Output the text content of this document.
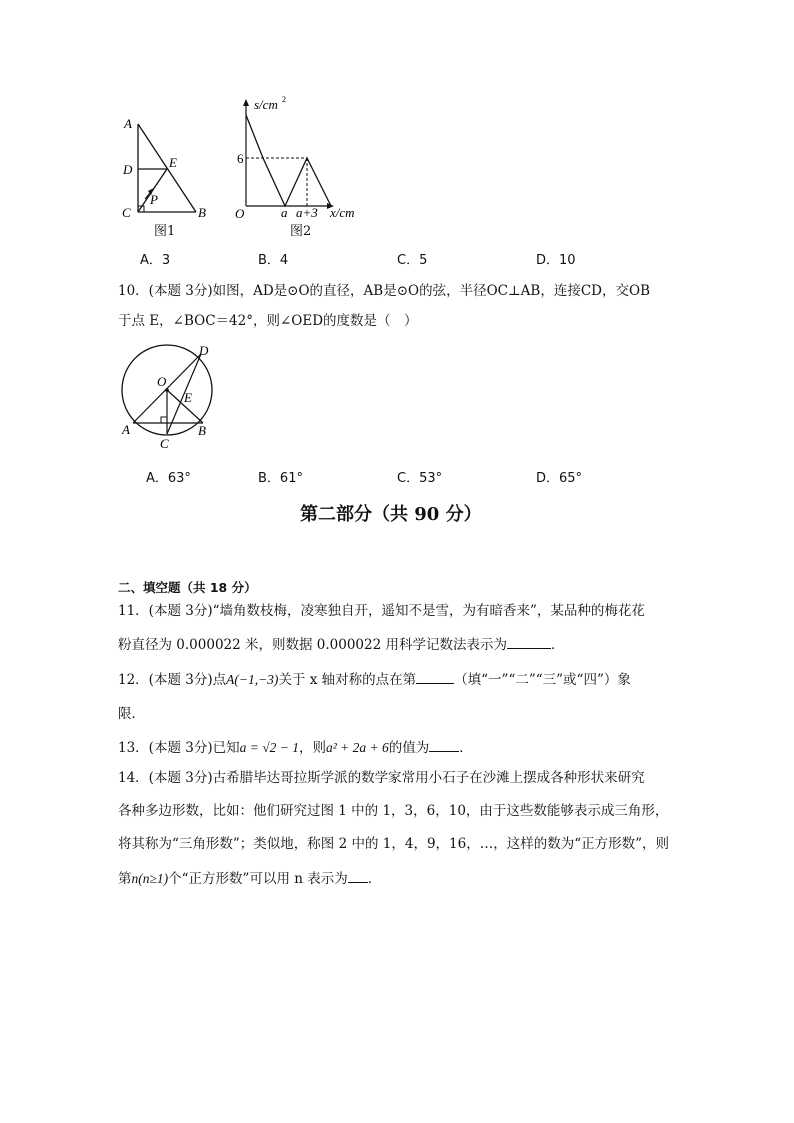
A
D	E
P
C	B
图1
s/cm 2
6
O	a a+3 x/cm
图2
A．3	B．4	C．5	D．10
10．(本题 3分)如图，AD是⊙O的直径，AB是⊙O的弦，半径OC⊥AB，连接CD，交OB
于点 E，∠BOC＝42°，则∠OED的度数是（　）
D
O
E
A
C
B
A．63°	B．61°	C．53°	D．65°
第二部分（共 90 分）
二、填空题（共 18 分）
11．(本题 3分)“墙角数枝梅，凌寒独自开，遥知不是雪，为有暗香来”，某品种的梅花花
粉直径为 0.000022 米，则数据 0.000022 用科学记数法表示为	．
12．(本题 3分)点A(−1,−3)关于 x 轴对称的点在第	（填“一”“二”“三”或“四”）象
限．
13．(本题 3分)已知a = √2 − 1，则a² + 2a + 6的值为 ．
14．(本题 3分)古希腊毕达哥拉斯学派的数学家常用小石子在沙滩上摆成各种形状来研究
各种多边形数，比如：他们研究过图 1 中的 1，3，6，10，由于这些数能够表示成三角形，
将其称为“三角形数”；类似地，称图 2 中的 1，4，9，16，…，这样的数为“正方形数”，则
第n(n≥1)个“正方形数”可以用 n 表示为 ．
